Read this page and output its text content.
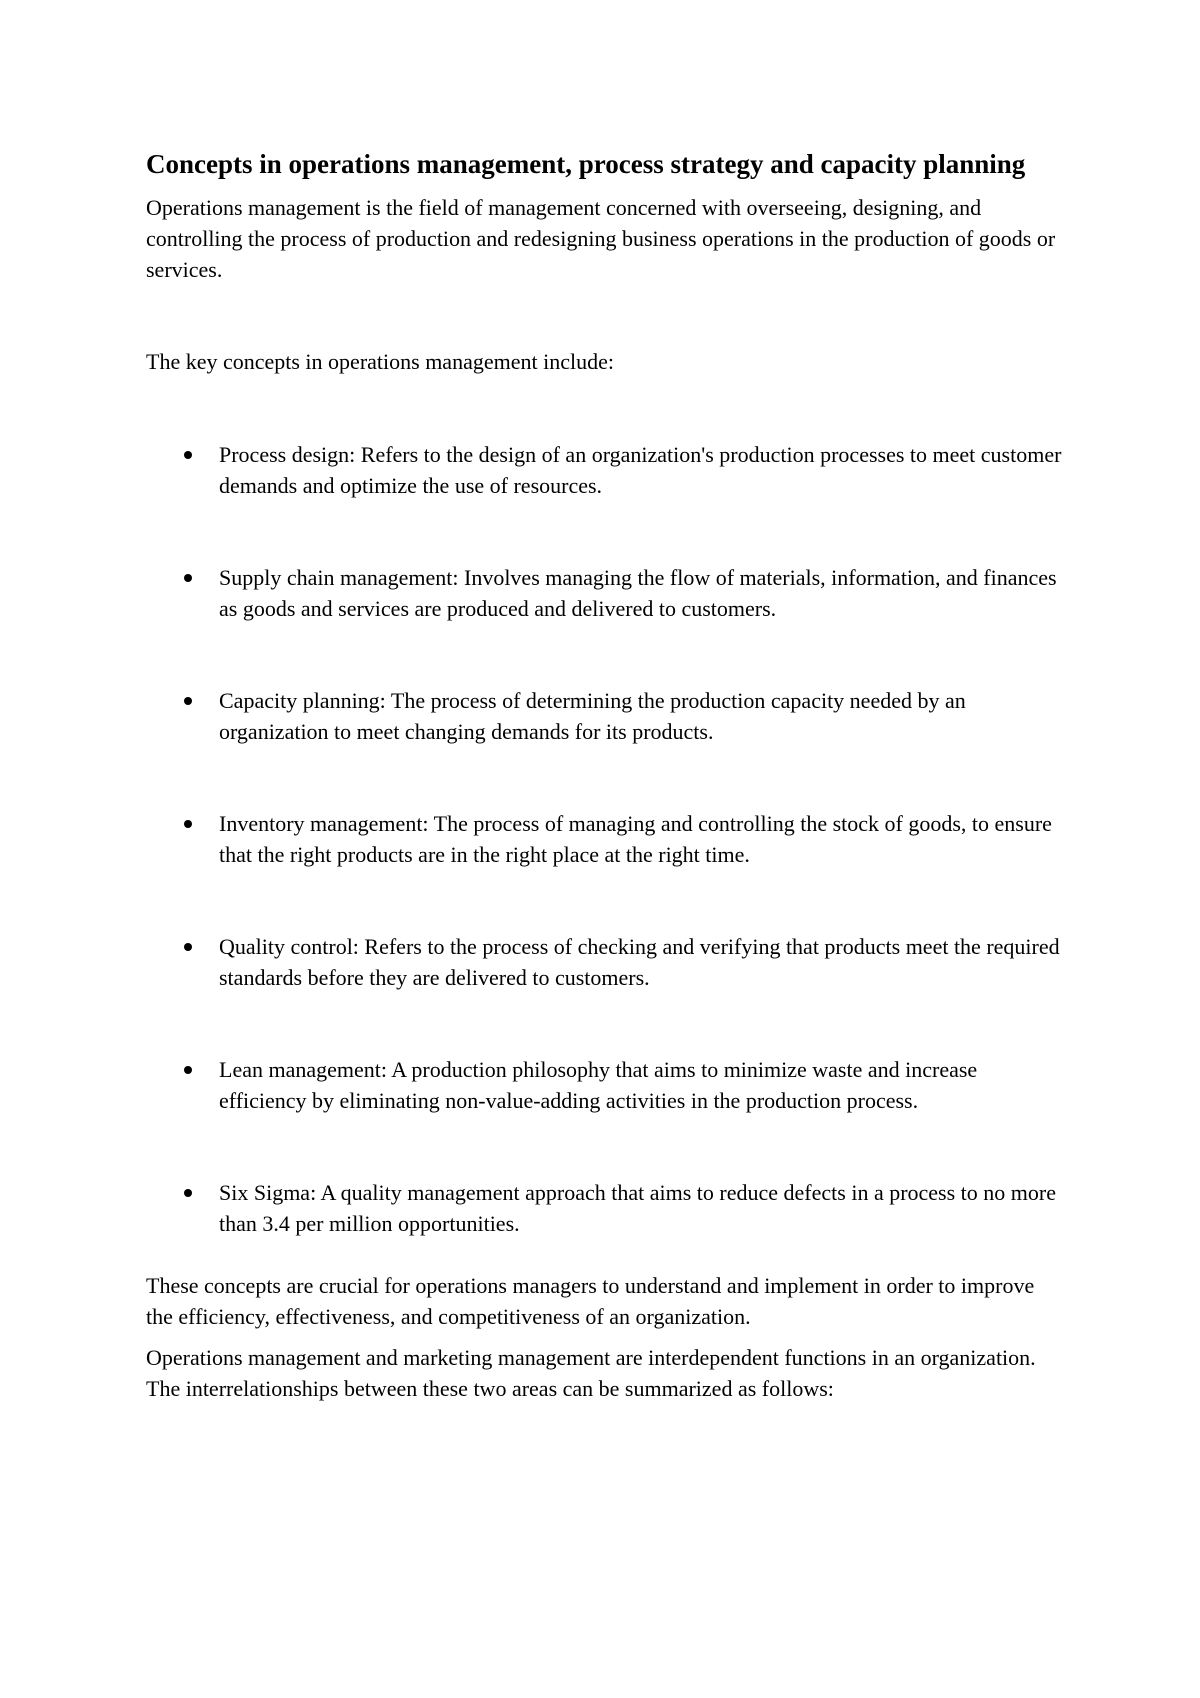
Concepts in operations management, process strategy and capacity planning

Operations management is the field of management concerned with overseeing, designing, and controlling the process of production and redesigning business operations in the production of goods or services.

The key concepts in operations management include:

Process design: Refers to the design of an organization's production processes to meet customer demands and optimize the use of resources.
Supply chain management: Involves managing the flow of materials, information, and finances as goods and services are produced and delivered to customers.
Capacity planning: The process of determining the production capacity needed by an organization to meet changing demands for its products.
Inventory management: The process of managing and controlling the stock of goods, to ensure that the right products are in the right place at the right time.
Quality control: Refers to the process of checking and verifying that products meet the required standards before they are delivered to customers.
Lean management: A production philosophy that aims to minimize waste and increase efficiency by eliminating non-value-adding activities in the production process.
Six Sigma: A quality management approach that aims to reduce defects in a process to no more than 3.4 per million opportunities.

These concepts are crucial for operations managers to understand and implement in order to improve the efficiency, effectiveness, and competitiveness of an organization.

Operations management and marketing management are interdependent functions in an organization. The interrelationships between these two areas can be summarized as follows:
